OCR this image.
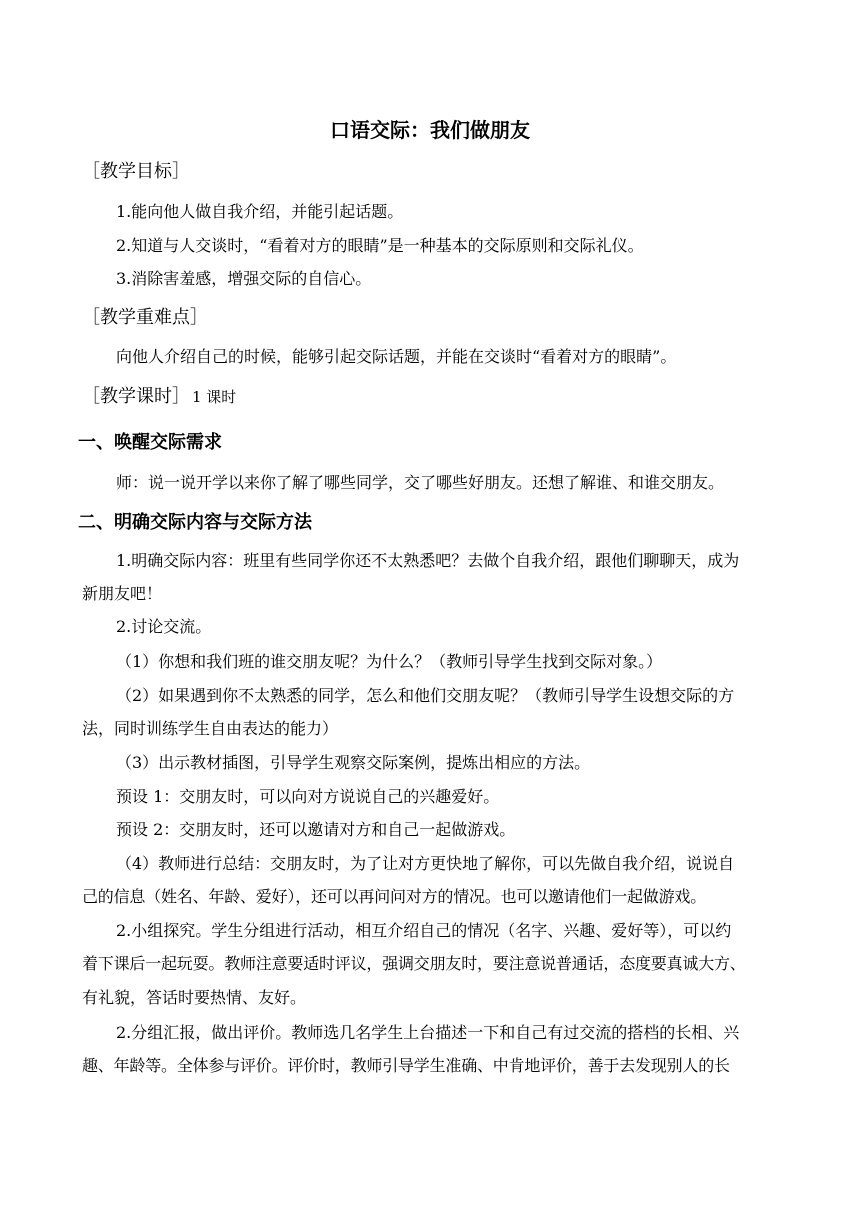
口语交际：我们做朋友
［教学目标］
1.能向他人做自我介绍，并能引起话题。
2.知道与人交谈时，“看着对方的眼睛”是一种基本的交际原则和交际礼仪。
3.消除害羞感，增强交际的自信心。
［教学重难点］
向他人介绍自己的时候，能够引起交际话题，并能在交谈时“看着对方的眼睛”。
［教学课时］ 1 课时
一、唤醒交际需求
师：说一说开学以来你了解了哪些同学，交了哪些好朋友。还想了解谁、和谁交朋友。
二、明确交际内容与交际方法
1.明确交际内容：班里有些同学你还不太熟悉吧？去做个自我介绍，跟他们聊聊天，成为
新朋友吧！
2.讨论交流。
（1）你想和我们班的谁交朋友呢？为什么？（教师引导学生找到交际对象。）
（2）如果遇到你不太熟悉的同学，怎么和他们交朋友呢？（教师引导学生设想交际的方
法，同时训练学生自由表达的能力）
（3）出示教材插图，引导学生观察交际案例，提炼出相应的方法。
预设 1：交朋友时，可以向对方说说自己的兴趣爱好。
预设 2：交朋友时，还可以邀请对方和自己一起做游戏。
（4）教师进行总结：交朋友时，为了让对方更快地了解你，可以先做自我介绍，说说自
己的信息（姓名、年龄、爱好），还可以再问问对方的情况。也可以邀请他们一起做游戏。
2.小组探究。学生分组进行活动，相互介绍自己的情况（名字、兴趣、爱好等），可以约
着下课后一起玩耍。教师注意要适时评议，强调交朋友时，要注意说普通话，态度要真诚大方、
有礼貌，答话时要热情、友好。
2.分组汇报，做出评价。教师选几名学生上台描述一下和自己有过交流的搭档的长相、兴
趣、年龄等。全体参与评价。评价时，教师引导学生准确、中肯地评价，善于去发现别人的长
